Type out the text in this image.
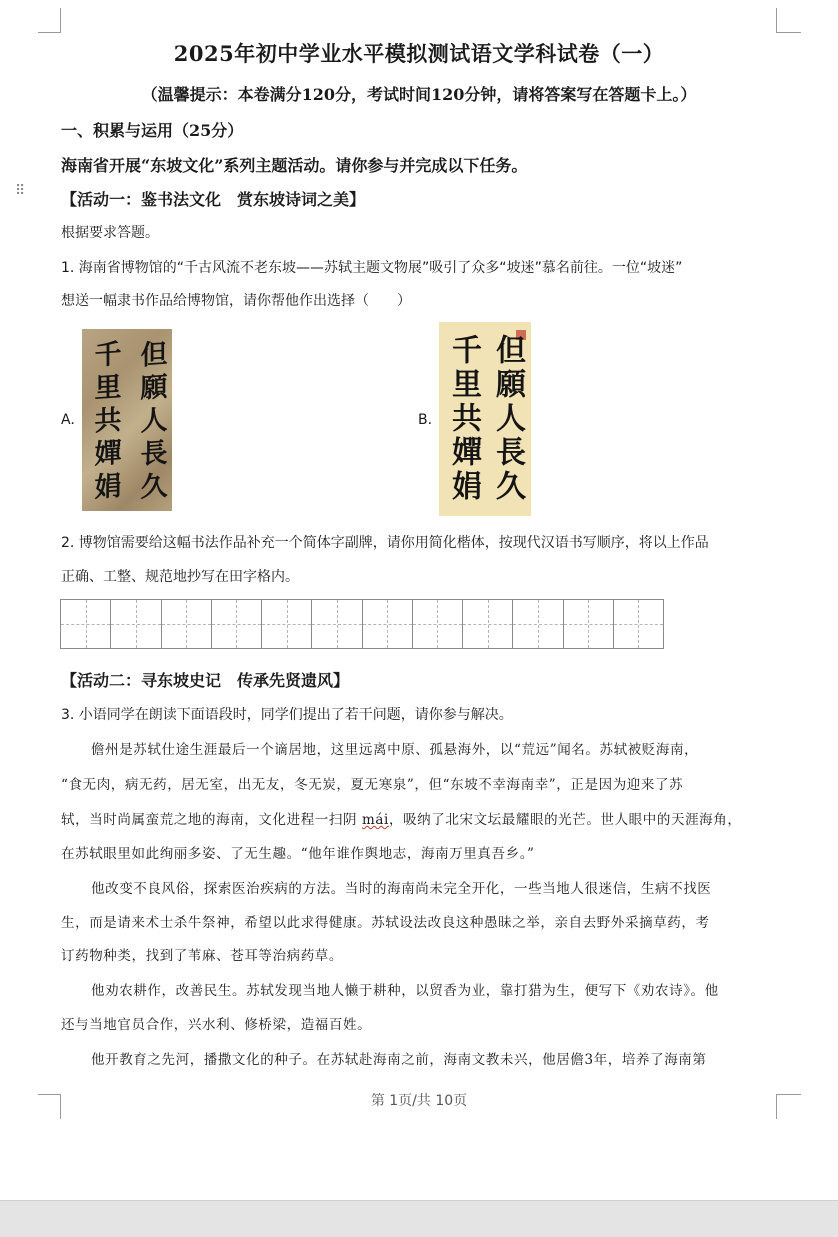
2025年初中学业水平模拟测试语文学科试卷（一）
（温馨提示：本卷满分120分，考试时间120分钟，请将答案写在答题卡上。）
一、积累与运用（25分）
海南省开展“东坡文化”系列主题活动。请你参与并完成以下任务。
⠿ 【活动一：鉴书法文化　赏东坡诗词之美】
根据要求答题。
1. 海南省博物馆的“千古风流不老东坡——苏轼主题文物展”吸引了众多“坡迷”慕名前往。一位“坡迷”
想送一幅隶书作品给博物馆，请你帮他作出选择（　　）
A. 但願人長久
千里共嬋娟	B. 但願人長久
千里共嬋娟
2. 博物馆需要给这幅书法作品补充一个简体字副牌，请你用简化楷体，按现代汉语书写顺序，将以上作品
正确、工整、规范地抄写在田字格内。
【活动二：寻东坡史记　传承先贤遗风】
3. 小语同学在朗读下面语段时，同学们提出了若干问题，请你参与解决。
儋州是苏轼仕途生涯最后一个谪居地，这里远离中原、孤悬海外，以“荒远”闻名。苏轼被贬海南，
“食无肉，病无药，居无室，出无友，冬无炭，夏无寒泉”，但“东坡不幸海南幸”，正是因为迎来了苏
轼，当时尚属蛮荒之地的海南，文化进程一扫阴 mái，吸纳了北宋文坛最耀眼的光芒。世人眼中的天涯海角，
在苏轼眼里如此绚丽多姿、了无生趣。“他年谁作舆地志，海南万里真吾乡。”
他改变不良风俗，探索医治疾病的方法。当时的海南尚未完全开化，一些当地人很迷信，生病不找医
生，而是请来术士杀牛祭神，希望以此求得健康。苏轼设法改良这种愚昧之举，亲自去野外采摘草药，考
订药物种类，找到了苇麻、苍耳等治病药草。
他劝农耕作，改善民生。苏轼发现当地人懒于耕种，以贸香为业，靠打猎为生，便写下《劝农诗》。他
还与当地官员合作，兴水利、修桥梁，造福百姓。
他开教育之先河，播撒文化的种子。在苏轼赴海南之前，海南文教未兴，他居儋3年，培养了海南第
第 1页/共 10页
